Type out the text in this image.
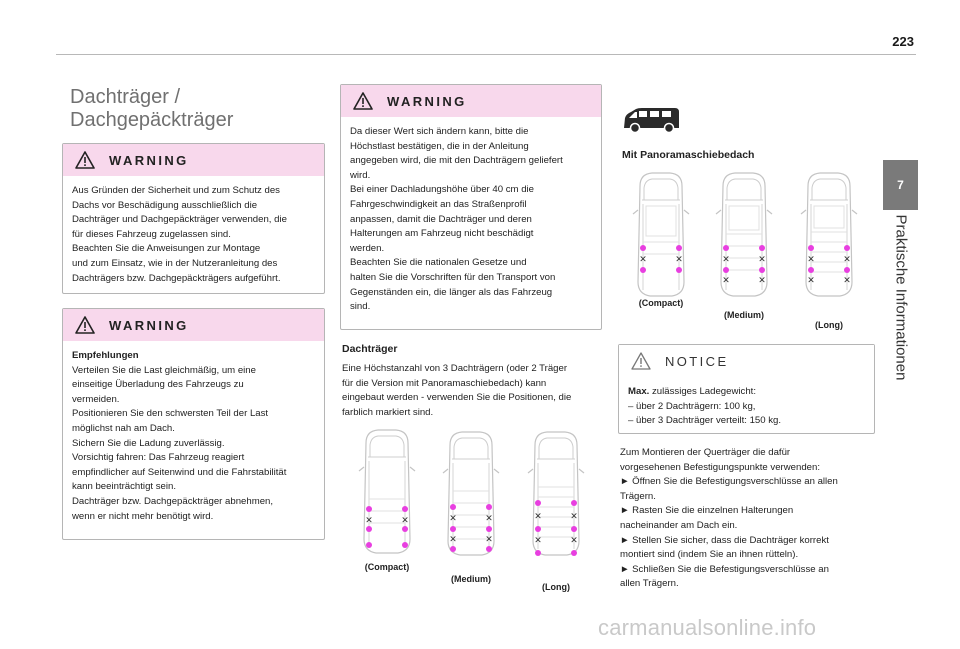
223
7
Praktische Informationen
Dachträger /
Dachgepäckträger
WARNING

Aus Gründen der Sicherheit und zum Schutz des

Dachs vor Beschädigung ausschließlich die

Dachträger und Dachgepäckträger verwenden, die

für dieses Fahrzeug zugelassen sind.

Beachten Sie die Anweisungen zur Montage

und zum Einsatz, wie in der Nutzeranleitung des

Dachträgers bzw. Dachgepäckträgers aufgeführt.

WARNING

Empfehlungen

Verteilen Sie die Last gleichmäßig, um eine

einseitige Überladung des Fahrzeugs zu

vermeiden.

Positionieren Sie den schwersten Teil der Last

möglichst nah am Dach.

Sichern Sie die Ladung zuverlässig.

Vorsichtig fahren: Das Fahrzeug reagiert

empfindlicher auf Seitenwind und die Fahrstabilität

kann beeinträchtigt sein.

Dachträger bzw. Dachgepäckträger abnehmen,

wenn er nicht mehr benötigt wird.

WARNING

Da dieser Wert sich ändern kann, bitte die

Höchstlast bestätigen, die in der Anleitung

angegeben wird, die mit den Dachträgern geliefert

wird.

Bei einer Dachladungshöhe über 40 cm die

Fahrgeschwindigkeit an das Straßenprofil

anpassen, damit die Dachträger und deren

Halterungen am Fahrzeug nicht beschädigt

werden.

Beachten Sie die nationalen Gesetze und

halten Sie die Vorschriften für den Transport von

Gegenständen ein, die länger als das Fahrzeug

sind.

Dachträger
Eine Höchstanzahl von 3 Dachträgern (oder 2 Träger
für die Version mit Panoramaschiebedach) kann
eingebaut werden - verwenden Sie die Positionen, die
farblich markiert sind.
✕	✕
(Compact)
✕	✕
✕	✕
(Medium)
✕	✕
✕	✕
(Long)
Mit Panoramaschiebedach
✕	✕
(Compact)
✕	✕
✕	✕
(Medium)
✕	✕
✕	✕
(Long)
NOTICE
Max. zulässiges Ladegewicht:
– über 2 Dachträgern: 100 kg,
– über 3 Dachträger verteilt: 150 kg.
Zum Montieren der Querträger die dafür
vorgesehenen Befestigungspunkte verwenden:
► Öffnen Sie die Befestigungsverschlüsse an allen
Trägern.
► Rasten Sie die einzelnen Halterungen
nacheinander am Dach ein.
► Stellen Sie sicher, dass die Dachträger korrekt
montiert sind (indem Sie an ihnen rütteln).
► Schließen Sie die Befestigungsverschlüsse an
allen Trägern.
carmanualsonline.info
